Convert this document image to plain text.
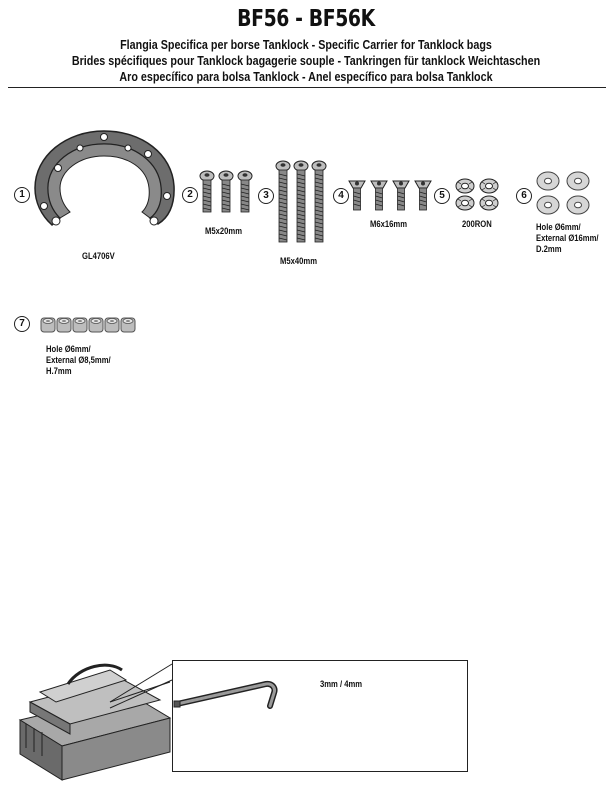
BF56 - BF56K
Flangia Specifica per borse Tanklock - Specific Carrier for Tanklock bags
Brides spécifiques pour Tanklock bagagerie souple - Tankringen für tanklock Weichtaschen
Aro específico para bolsa Tanklock - Anel específico para bolsa Tanklock
1
GL4706V
2
M5x20mm
3
M5x40mm
4
M6x16mm
5
200RON
6
Hole Ø6mm/
External Ø16mm/
D.2mm
7
Hole Ø6mm/
External Ø8,5mm/
H.7mm
3mm / 4mm
